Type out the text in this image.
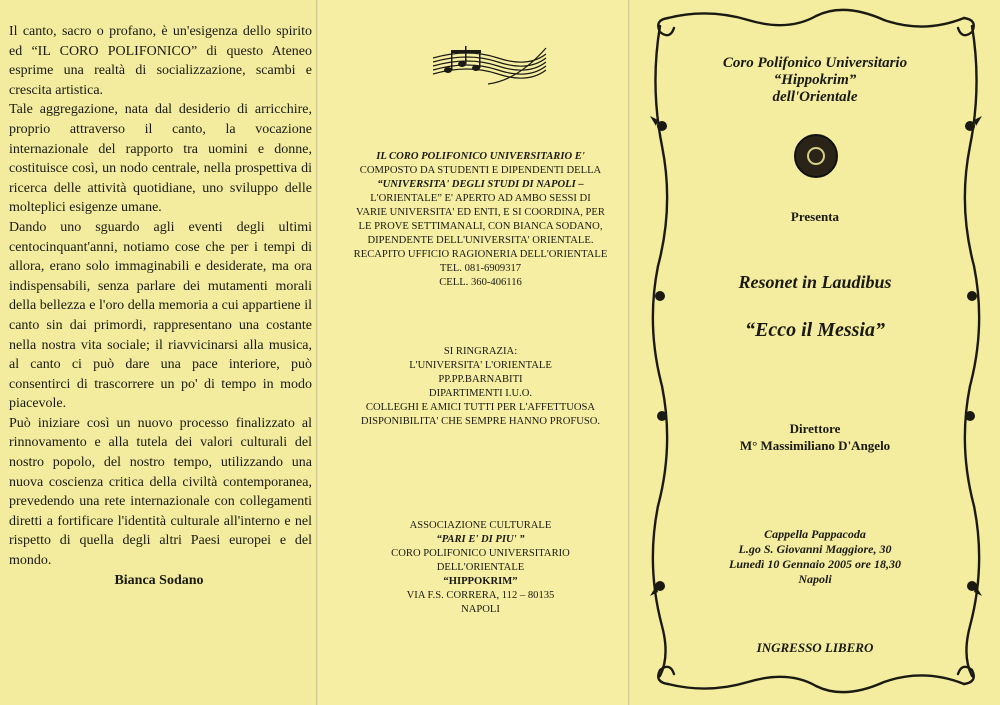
Il canto, sacro o profano, è un'esigenza dello spirito ed “IL CORO POLIFONICO” di questo Ateneo esprime una realtà di socializzazione, scambi e crescita artistica.

Tale aggregazione, nata dal desiderio di arricchire, proprio attraverso il canto, la vocazione internazionale del rapporto tra uomini e donne, costituisce così, un nodo centrale, nella prospettiva di ricerca delle attività quotidiane, uno sviluppo delle molteplici esigenze umane.

Dando uno sguardo agli eventi degli ultimi centocinquant'anni, notiamo cose che per i tempi di allora, erano solo immaginabili e desiderate, ma ora indispensabili, senza parlare dei mutamenti morali della bellezza e l'oro della memoria a cui appartiene il canto sin dai primordi, rappresentano una costante nella nostra vita sociale; il riavvicinarsi alla musica, al canto ci può dare una pace interiore, può consentirci di trascorrere un po' di tempo in modo piacevole.

Può iniziare così un nuovo processo finalizzato al rinnovamento e alla tutela dei valori culturali del nostro popolo, del nostro tempo, utilizzando una nuova coscienza critica della civiltà contemporanea, prevedendo una rete internazionale con collegamenti diretti a fortificare l'identità culturale all'interno e nel rispetto di quella degli altri Paesi europei e del mondo.

Bianca Sodano
IL CORO POLIFONICO UNIVERSITARIO E'
COMPOSTO DA STUDENTI E DIPENDENTI DELLA
“UNIVERSITA' DEGLI STUDI DI NAPOLI –
L'ORIENTALE” E' APERTO AD AMBO SESSI DI
VARIE UNIVERSITA' ED ENTI, E SI COORDINA, PER
LE PROVE SETTIMANALI, CON BIANCA SODANO,
DIPENDENTE DELL'UNIVERSITA' ORIENTALE.
RECAPITO UFFICIO RAGIONERIA DELL'ORIENTALE
TEL. 081-6909317
CELL. 360-406116
SI RINGRAZIA:
L'UNIVERSITA' L'ORIENTALE
PP.PP.BARNABITI
DIPARTIMENTI I.U.O.
COLLEGHI E AMICI TUTTI PER L'AFFETTUOSA
DISPONIBILITA' CHE SEMPRE HANNO PROFUSO.
ASSOCIAZIONE CULTURALE
“PARI E' DI PIU' ”
CORO POLIFONICO UNIVERSITARIO
DELL'ORIENTALE
“HIPPOKRIM”
VIA F.S. CORRERA, 112 – 80135
NAPOLI
Coro Polifonico Universitario
“Hippokrim”
dell'Orientale
Presenta
Resonet in Laudibus
“Ecco il Messia”
Direttore
M° Massimiliano D'Angelo
Cappella Pappacoda
L.go S. Giovanni Maggiore, 30
Lunedì 10 Gennaio 2005 ore 18,30
Napoli
INGRESSO LIBERO
